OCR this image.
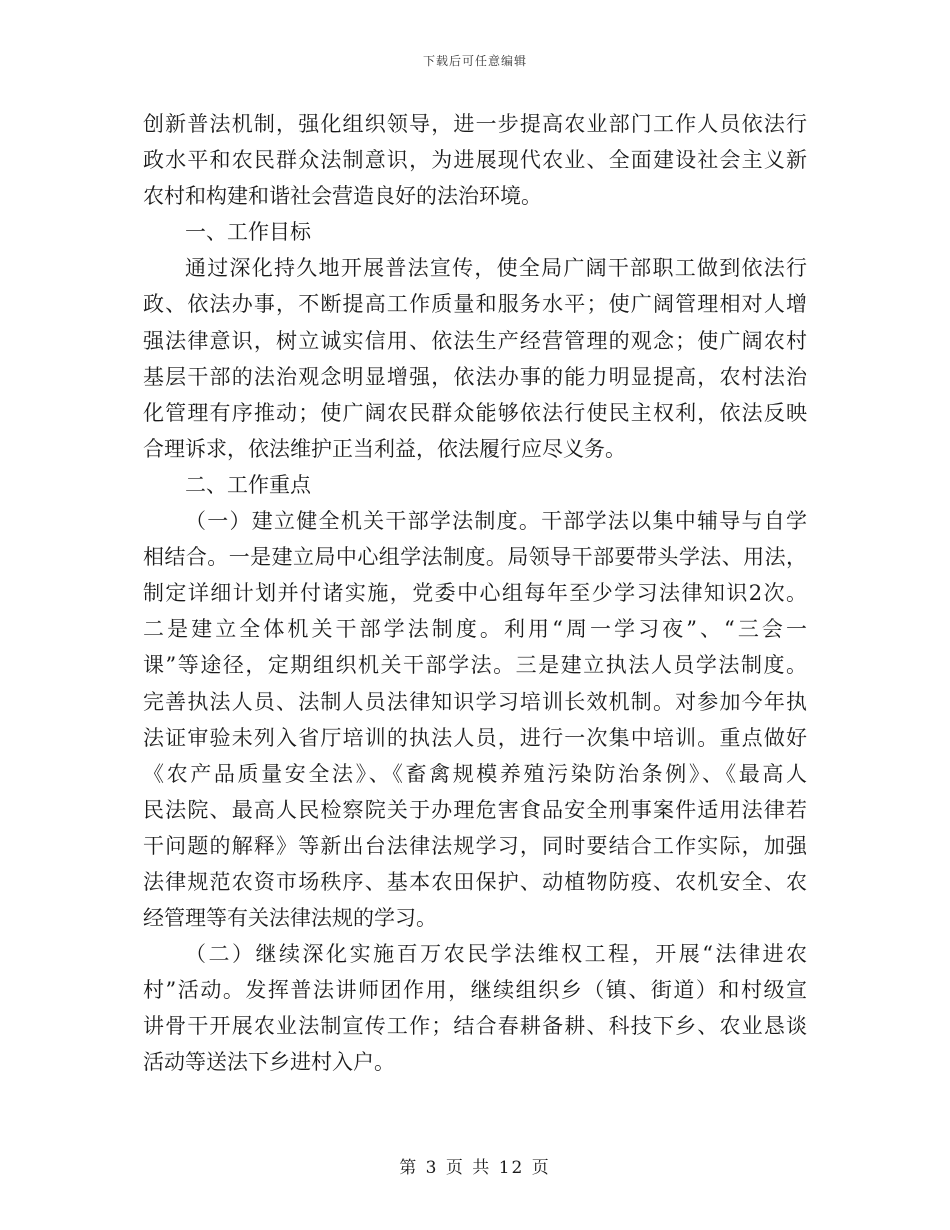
下载后可任意编辑
创新普法机制，强化组织领导，进一步提高农业部门工作人员依法行
政水平和农民群众法制意识，为进展现代农业、全面建设社会主义新
农村和构建和谐社会营造良好的法治环境。
一、工作目标
通过深化持久地开展普法宣传，使全局广阔干部职工做到依法行
政、依法办事，不断提高工作质量和服务水平；使广阔管理相对人增
强法律意识，树立诚实信用、依法生产经营管理的观念；使广阔农村
基层干部的法治观念明显增强，依法办事的能力明显提高，农村法治
化管理有序推动；使广阔农民群众能够依法行使民主权利，依法反映
合理诉求，依法维护正当利益，依法履行应尽义务。
二、工作重点
（一）建立健全机关干部学法制度。干部学法以集中辅导与自学
相结合。一是建立局中心组学法制度。局领导干部要带头学法、用法，
制定详细计划并付诸实施，党委中心组每年至少学习法律知识2次。
二是建立全体机关干部学法制度。利用“周一学习夜”、“三会一
课”等途径，定期组织机关干部学法。三是建立执法人员学法制度。
完善执法人员、法制人员法律知识学习培训长效机制。对参加今年执
法证审验未列入省厅培训的执法人员，进行一次集中培训。重点做好
《农产品质量安全法》、《畜禽规模养殖污染防治条例》、《最高人
民法院、最高人民检察院关于办理危害食品安全刑事案件适用法律若
干问题的解释》等新出台法律法规学习，同时要结合工作实际，加强
法律规范农资市场秩序、基本农田保护、动植物防疫、农机安全、农
经管理等有关法律法规的学习。
（二）继续深化实施百万农民学法维权工程，开展“法律进农
村”活动。发挥普法讲师团作用，继续组织乡（镇、街道）和村级宣
讲骨干开展农业法制宣传工作；结合春耕备耕、科技下乡、农业恳谈
活动等送法下乡进村入户。
第 3 页 共 12 页
